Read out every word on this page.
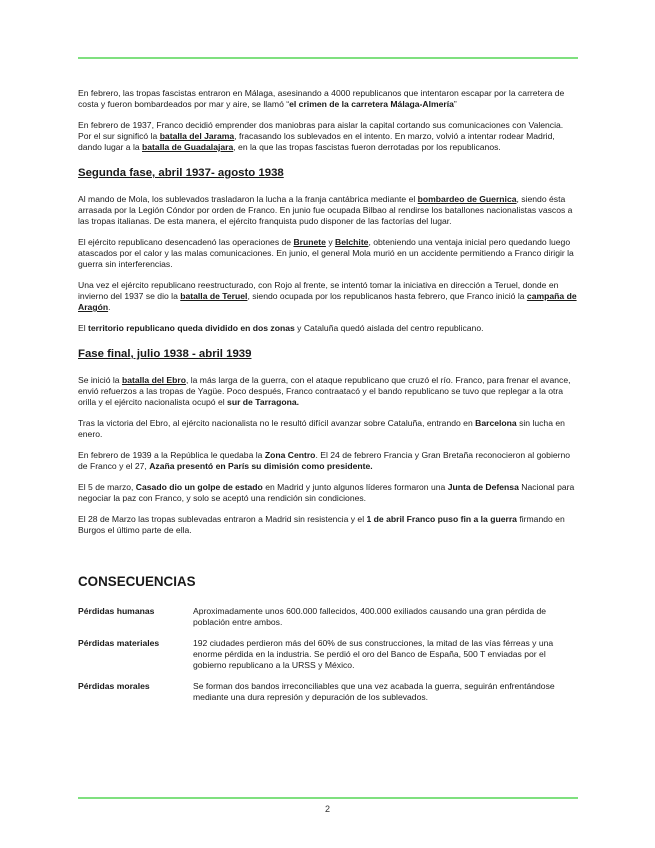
En febrero, las tropas fascistas entraron en Málaga, asesinando a 4000 republicanos que intentaron escapar por la carretera de costa y fueron bombardeados por mar y aire, se llamó “el crimen de la carretera Málaga-Almería”

En febrero de 1937, Franco decidió emprender dos maniobras para aislar la capital cortando sus comunicaciones con Valencia. Por el sur significó la batalla del Jarama, fracasando los sublevados en el intento. En marzo, volvió a intentar rodear Madrid, dando lugar a la batalla de Guadalajara, en la que las tropas fascistas fueron derrotadas por los republicanos.

Segunda fase, abril 1937- agosto 1938

Al mando de Mola, los sublevados trasladaron la lucha a la franja cantábrica mediante el bombardeo de Guernica, siendo ésta arrasada por la Legión Cóndor por orden de Franco. En junio fue ocupada Bilbao al rendirse los batallones nacionalistas vascos a las tropas italianas. De esta manera, el ejército franquista pudo disponer de las factorías del lugar.

El ejército republicano desencadenó las operaciones de Brunete y Belchite, obteniendo una ventaja inicial pero quedando luego atascados por el calor y las malas comunicaciones. En junio, el general Mola murió en un accidente permitiendo a Franco dirigir la guerra sin interferencias.

Una vez el ejército republicano reestructurado, con Rojo al frente, se intentó tomar la iniciativa en dirección a Teruel, donde en invierno del 1937 se dio la batalla de Teruel, siendo ocupada por los republicanos hasta febrero, que Franco inició la campaña de Aragón.

El territorio republicano queda dividido en dos zonas y Cataluña quedó aislada del centro republicano.

Fase final, julio 1938 - abril 1939

Se inició la batalla del Ebro, la más larga de la guerra, con el ataque republicano que cruzó el río. Franco, para frenar el avance, envió refuerzos a las tropas de Yagüe. Poco después, Franco contraatacó y el bando republicano se tuvo que replegar a la otra orilla y el ejército nacionalista ocupó el sur de Tarragona.

Tras la victoria del Ebro, al ejército nacionalista no le resultó difícil avanzar sobre Cataluña, entrando en Barcelona sin lucha en enero.

En febrero de 1939 a la República le quedaba la Zona Centro. El 24 de febrero Francia y Gran Bretaña reconocieron al gobierno de Franco y el 27, Azaña presentó en París su dimisión como presidente.

El 5 de marzo, Casado dio un golpe de estado en Madrid y junto algunos líderes formaron una Junta de Defensa Nacional para negociar la paz con Franco, y solo se aceptó una rendición sin condiciones.

El 28 de Marzo las tropas sublevadas entraron a Madrid sin resistencia y el 1 de abril Franco puso fin a la guerra firmando en Burgos el último parte de ella.

CONSECUENCIAS
Pérdidas humanas	Aproximadamente unos 600.000 fallecidos, 400.000 exiliados causando una gran pérdida de población entre ambos.
Pérdidas materiales	192 ciudades perdieron más del 60% de sus construcciones, la mitad de las vías férreas y una enorme pérdida en la industria. Se perdió el oro del Banco de España, 500 T enviadas por el gobierno republicano a la URSS y México.
Pérdidas morales	Se forman dos bandos irreconciliables que una vez acabada la guerra, seguirán enfrentándose mediante una dura represión y depuración de los sublevados.
2
